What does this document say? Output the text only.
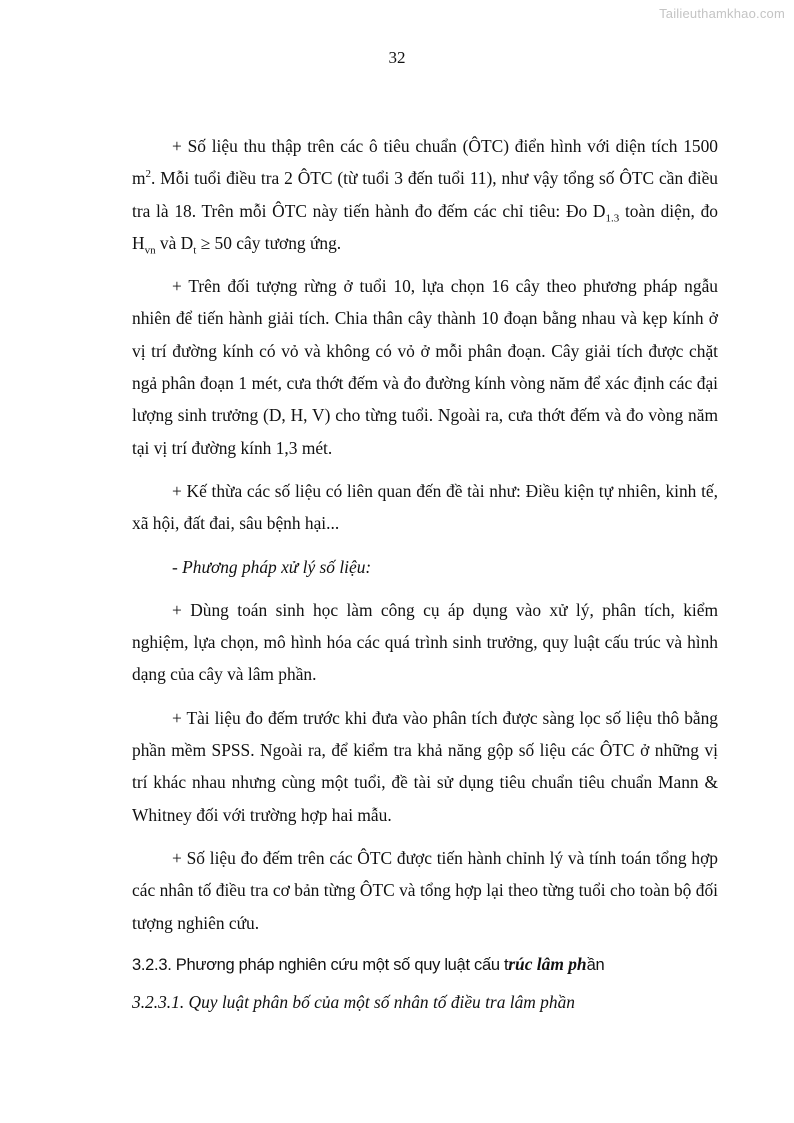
Tailieuthamkhao.com
32

+ Số liệu thu thập trên các ô tiêu chuẩn (ÔTC) điển hình với diện tích 1500 $m^2$. Mỗi tuổi điều tra 2 ÔTC (từ tuổi 3 đến tuổi 11), như vậy tổng số ÔTC cần điều tra là 18. Trên mỗi ÔTC này tiến hành đo đếm các chỉ tiêu: Đo $D_{1.3}$ toàn diện, đo $H_{vn}$ và $D_t \ge 50$ cây tương ứng.

+ Trên đối tượng rừng ở tuổi 10, lựa chọn 16 cây theo phương pháp ngẫu nhiên để tiến hành giải tích. Chia thân cây thành 10 đoạn bằng nhau và kẹp kính ở vị trí đường kính có vỏ và không có vỏ ở mỗi phân đoạn. Cây giải tích được chặt ngả phân đoạn 1 mét, cưa thớt đếm và đo đường kính vòng năm để xác định các đại lượng sinh trưởng (D, H, V) cho từng tuổi. Ngoài ra, cưa thớt đếm và đo vòng năm tại vị trí đường kính 1,3 mét.

+ Kế thừa các số liệu có liên quan đến đề tài như: Điều kiện tự nhiên, kinh tế, xã hội, đất đai, sâu bệnh hại...

- Phương pháp xử lý số liệu:

+ Dùng toán sinh học làm công cụ áp dụng vào xử lý, phân tích, kiểm nghiệm, lựa chọn, mô hình hóa các quá trình sinh trưởng, quy luật cấu trúc và hình dạng của cây và lâm phần.

+ Tài liệu đo đếm trước khi đưa vào phân tích được sàng lọc số liệu thô bằng phần mềm SPSS. Ngoài ra, để kiểm tra khả năng gộp số liệu các ÔTC ở những vị trí khác nhau nhưng cùng một tuổi, đề tài sử dụng tiêu chuẩn tiêu chuẩn Mann & Whitney đối với trường hợp hai mẫu.

+ Số liệu đo đếm trên các ÔTC được tiến hành chỉnh lý và tính toán tổng hợp các nhân tố điều tra cơ bản từng ÔTC và tổng hợp lại theo từng tuổi cho toàn bộ đối tượng nghiên cứu.

3.2.3. Phương pháp nghiên cứu một số quy luật cấu trúc lâm phần
3.2.3.1. Quy luật phân bố của một số nhân tố điều tra lâm phần
